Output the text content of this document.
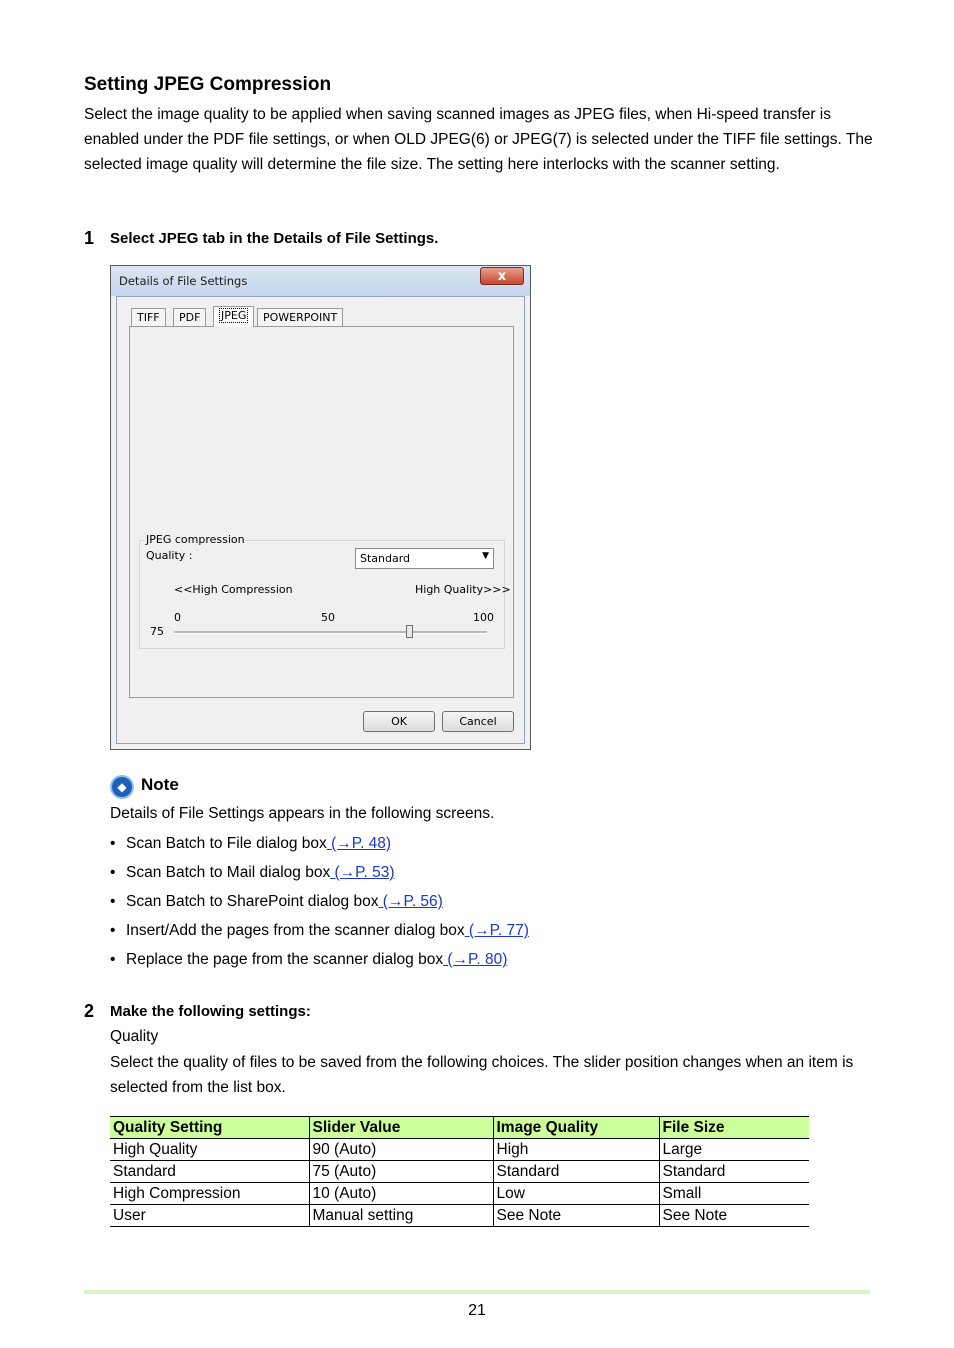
Setting JPEG Compression

Select the image quality to be applied when saving scanned images as JPEG files, when Hi-speed transfer is enabled under the PDF file settings, or when OLD JPEG(6) or JPEG(7) is selected under the TIFF file settings. The selected image quality will determine the file size. The setting here interlocks with the scanner setting.

1 Select JPEG tab in the Details of File Settings.
Details of File Settings	x
TIFF	PDF	JPEG	POWERPOINT
JPEG compression
Quality :	Standard	▼
<<High Compression	High Quality>>>
0	50	100
75
OK	Cancel
◆ Note
Details of File Settings appears in the following screens.
• Scan Batch to File dialog box (→P. 48)
• Scan Batch to Mail dialog box (→P. 53)
• Scan Batch to SharePoint dialog box (→P. 56)
• Insert/Add the pages from the scanner dialog box (→P. 77)
• Replace the page from the scanner dialog box (→P. 80)
2 Make the following settings:
Quality
Select the quality of files to be saved from the following choices. The slider position changes when an item is selected from the list box.
Quality Setting	Slider Value	Image Quality	File Size
High Quality	90 (Auto)	High	Large
Standard	75 (Auto)	Standard	Standard
High Compression	10 (Auto)	Low	Small
User	Manual setting	See Note	See Note
21
